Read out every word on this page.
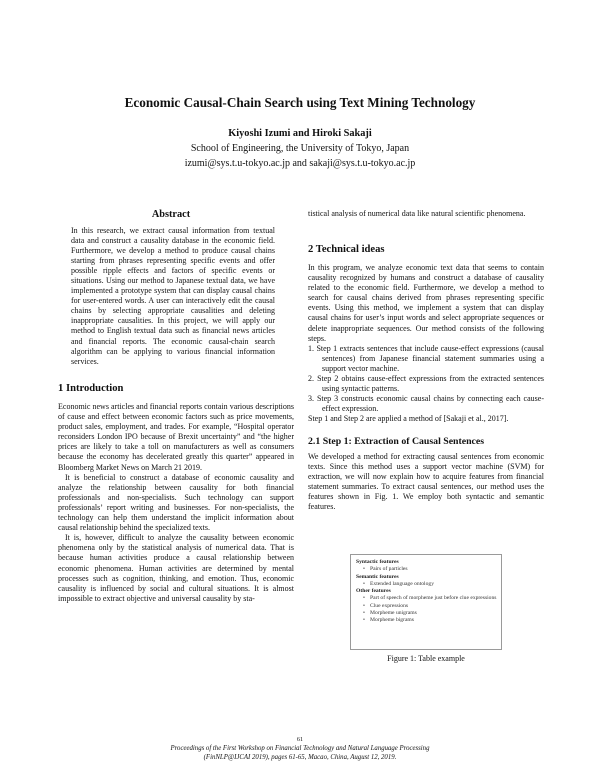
Economic Causal-Chain Search using Text Mining Technology
Kiyoshi Izumi and Hiroki Sakaji
School of Engineering, the University of Tokyo, Japan
izumi@sys.t.u-tokyo.ac.jp and sakaji@sys.t.u-tokyo.ac.jp
Abstract

In this research, we extract causal information from textual data and construct a causality database in the economic field. Furthermore, we develop a method to produce causal chains starting from phrases representing specific events and offer possible ripple effects and factors of specific events or situations. Using our method to Japanese textual data, we have implemented a prototype system that can display causal chains for user-entered words. A user can interactively edit the causal chains by selecting appropriate causalities and deleting inappropriate causalities. In this project, we will apply our method to English textual data such as financial news articles and financial reports. The economic causal-chain search algorithm can be applying to various financial information services.

1 Introduction

Economic news articles and financial reports contain various descriptions of cause and effect between economic factors such as price movements, product sales, employment, and trades. For example, “Hospital operator reconsiders London IPO because of Brexit uncertainty” and “the higher prices are likely to take a toll on manufacturers as well as consumers because the economy has decelerated greatly this quarter” appeared in Bloomberg Market News on March 21 2019.

It is beneficial to construct a database of economic causality and analyze the relationship between causality for both financial professionals and non-specialists. Such technology can support professionals’ report writing and businesses. For non-specialists, the technology can help them understand the implicit information about causal relationship behind the specialized texts.

It is, however, difficult to analyze the causality between economic phenomena only by the statistical analysis of numerical data. That is because human activities produce a causal relationship between economic phenomena. Human activities are determined by mental processes such as cognition, thinking, and emotion. Thus, economic causality is influenced by social and cultural situations. It is almost impossible to extract objective and universal causality by sta-

tistical analysis of numerical data like natural scientific phenomena.

2 Technical ideas

In this program, we analyze economic text data that seems to contain causality recognized by humans and construct a database of causality related to the economic field. Furthermore, we develop a method to search for causal chains derived from phrases representing specific events. Using this method, we implement a system that can display causal chains for user’s input words and select appropriate sequences or delete inappropriate sequences. Our method consists of the following steps.

1. Step 1 extracts sentences that include cause-effect expressions (causal sentences) from Japanese financial statement summaries using a support vector machine.
2. Step 2 obtains cause-effect expressions from the extracted sentences using syntactic patterns.
3. Step 3 constructs economic causal chains by connecting each cause-effect expression.

Step 1 and Step 2 are applied a method of [Sakaji et al., 2017].

2.1 Step 1: Extraction of Causal Sentences

We developed a method for extracting causal sentences from economic texts. Since this method uses a support vector machine (SVM) for extraction, we will now explain how to acquire features from financial statement summaries. To extract causal sentences, our method uses the features shown in Fig. 1. We employ both syntactic and semantic features.

Syntactic features
• Pairs of particles
Semantic features
• Extended language ontology
Other features
• Part of speech of morpheme just before clue expressions
• Clue expressions
• Morpheme unigrams
• Morpheme bigrams
Figure 1: Table example
61
Proceedings of the First Workshop on Financial Technology and Natural Language Processing
(FinNLP@IJCAI 2019), pages 61-65, Macao, China, August 12, 2019.
